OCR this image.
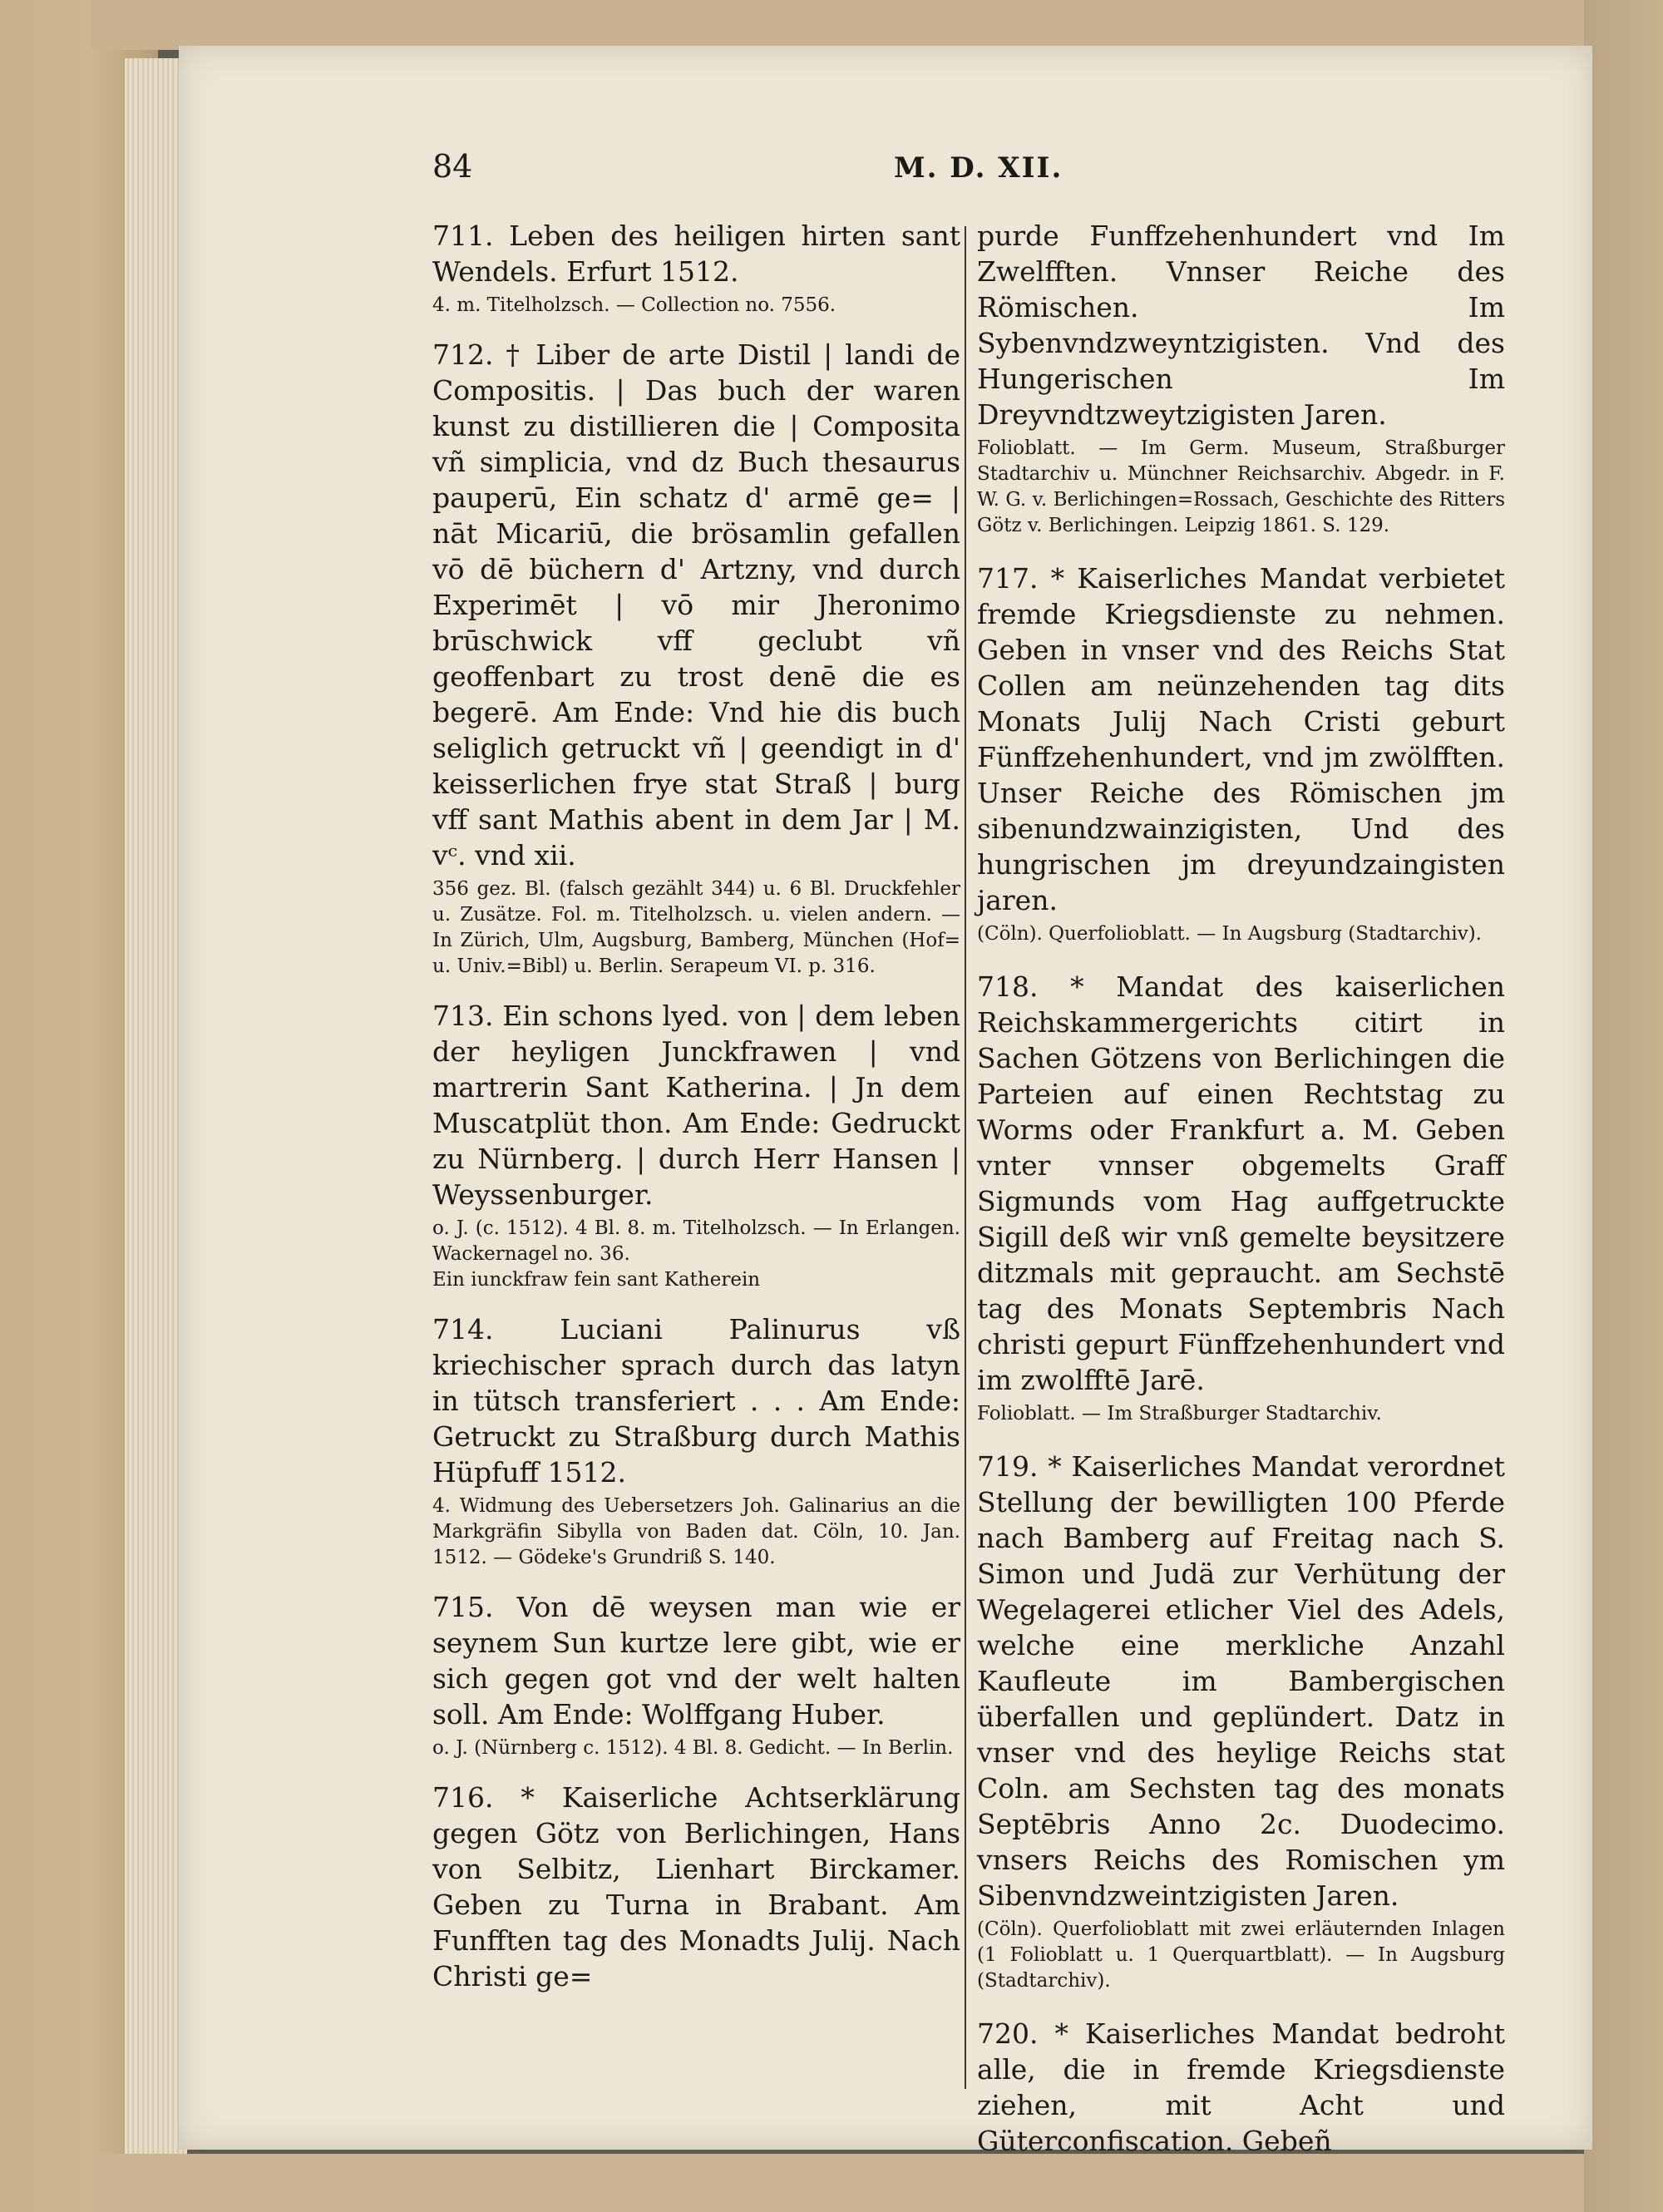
84	M. D. XII.
711. Leben des heiligen hirten sant Wendels. Erfurt 1512.
4. m. Titelholzsch. — Collection no. 7556.
712. † Liber de arte Distil | landi de Compositis. | Das buch der waren kunst zu distillieren die | Composita vñ simplicia, vnd dz Buch thesaurus pauperū, Ein schatz d' armē ge= | nāt Micariū, die brösamlin gefallen vō dē büchern d' Artzny, vnd durch Experimēt | vō mir Jheronimo brūschwick vff geclubt vñ geoffenbart zu trost denē die es begerē. Am Ende: Vnd hie dis buch seliglich getruckt vñ | geendigt in d' keisserlichen frye stat Straß | burg vff sant Mathis abent in dem Jar | M. vᶜ. vnd xii.
356 gez. Bl. (falsch gezählt 344) u. 6 Bl. Druckfehler u. Zusätze. Fol. m. Titelholzsch. u. vielen andern. — In Zürich, Ulm, Augsburg, Bamberg, München (Hof= u. Univ.=Bibl) u. Berlin. Serapeum VI. p. 316.
713. Ein schons lyed. von | dem leben der heyligen Junckfrawen | vnd martrerin Sant Katherina. | Jn dem Muscatplüt thon. Am Ende: Gedruckt zu Nürnberg. | durch Herr Hansen | Weyssenburger.
o. J. (c. 1512). 4 Bl. 8. m. Titelholzsch. — In Erlangen. Wackernagel no. 36.
Ein iunckfraw fein sant Katherein
714. Luciani Palinurus vß kriechischer sprach durch das latyn in tütsch transferiert . . . Am Ende: Getruckt zu Straßburg durch Mathis Hüpfuff 1512.
4. Widmung des Uebersetzers Joh. Galinarius an die Markgräfin Sibylla von Baden dat. Cöln, 10. Jan. 1512. — Gödeke's Grundriß S. 140.
715. Von dē weysen man wie er seynem Sun kurtze lere gibt, wie er sich gegen got vnd der welt halten soll. Am Ende: Wolffgang Huber.
o. J. (Nürnberg c. 1512). 4 Bl. 8. Gedicht. — In Berlin.
716. * Kaiserliche Achtserklärung gegen Götz von Berlichingen, Hans von Selbitz, Lienhart Birckamer. Geben zu Turna in Brabant. Am Funfften tag des Monadts Julij. Nach Christi ge=
purde Funffzehenhundert vnd Im Zwelfften. Vnnser Reiche des Römischen. Im Sybenvndzweyntzigisten. Vnd des Hungerischen Im Dreyvndtzweytzigisten Jaren.
Folioblatt. — Im Germ. Museum, Straßburger Stadtarchiv u. Münchner Reichsarchiv. Abgedr. in F. W. G. v. Berlichingen=Rossach, Geschichte des Ritters Götz v. Berlichingen. Leipzig 1861. S. 129.
717. * Kaiserliches Mandat verbietet fremde Kriegsdienste zu nehmen. Geben in vnser vnd des Reichs Stat Collen am neünzehenden tag dits Monats Julij Nach Cristi geburt Fünffzehenhundert, vnd jm zwölfften. Unser Reiche des Römischen jm sibenundzwainzigisten, Und des hungrischen jm dreyundzaingisten jaren.
(Cöln). Querfolioblatt. — In Augsburg (Stadtarchiv).
718. * Mandat des kaiserlichen Reichskammergerichts citirt in Sachen Götzens von Berlichingen die Parteien auf einen Rechtstag zu Worms oder Frankfurt a. M. Geben vnter vnnser obgemelts Graff Sigmunds vom Hag auffgetruckte Sigill deß wir vnß gemelte beysitzere ditzmals mit gepraucht. am Sechstē tag des Monats Septembris Nach christi gepurt Fünffzehenhundert vnd im zwolfftē Jarē.
Folioblatt. — Im Straßburger Stadtarchiv.
719. * Kaiserliches Mandat verordnet Stellung der bewilligten 100 Pferde nach Bamberg auf Freitag nach S. Simon und Judä zur Verhütung der Wegelagerei etlicher Viel des Adels, welche eine merkliche Anzahl Kaufleute im Bambergischen überfallen und geplündert. Datz in vnser vnd des heylige Reichs stat Coln. am Sechsten tag des monats Septēbris Anno 2c. Duodecimo. vnsers Reichs des Romischen ym Sibenvndzweintzigisten Jaren.
(Cöln). Querfolioblatt mit zwei erläuternden Inlagen (1 Folioblatt u. 1 Querquartblatt). — In Augsburg (Stadtarchiv).
720. * Kaiserliches Mandat bedroht alle, die in fremde Kriegsdienste ziehen, mit Acht und Güterconfiscation. Gebeñ
